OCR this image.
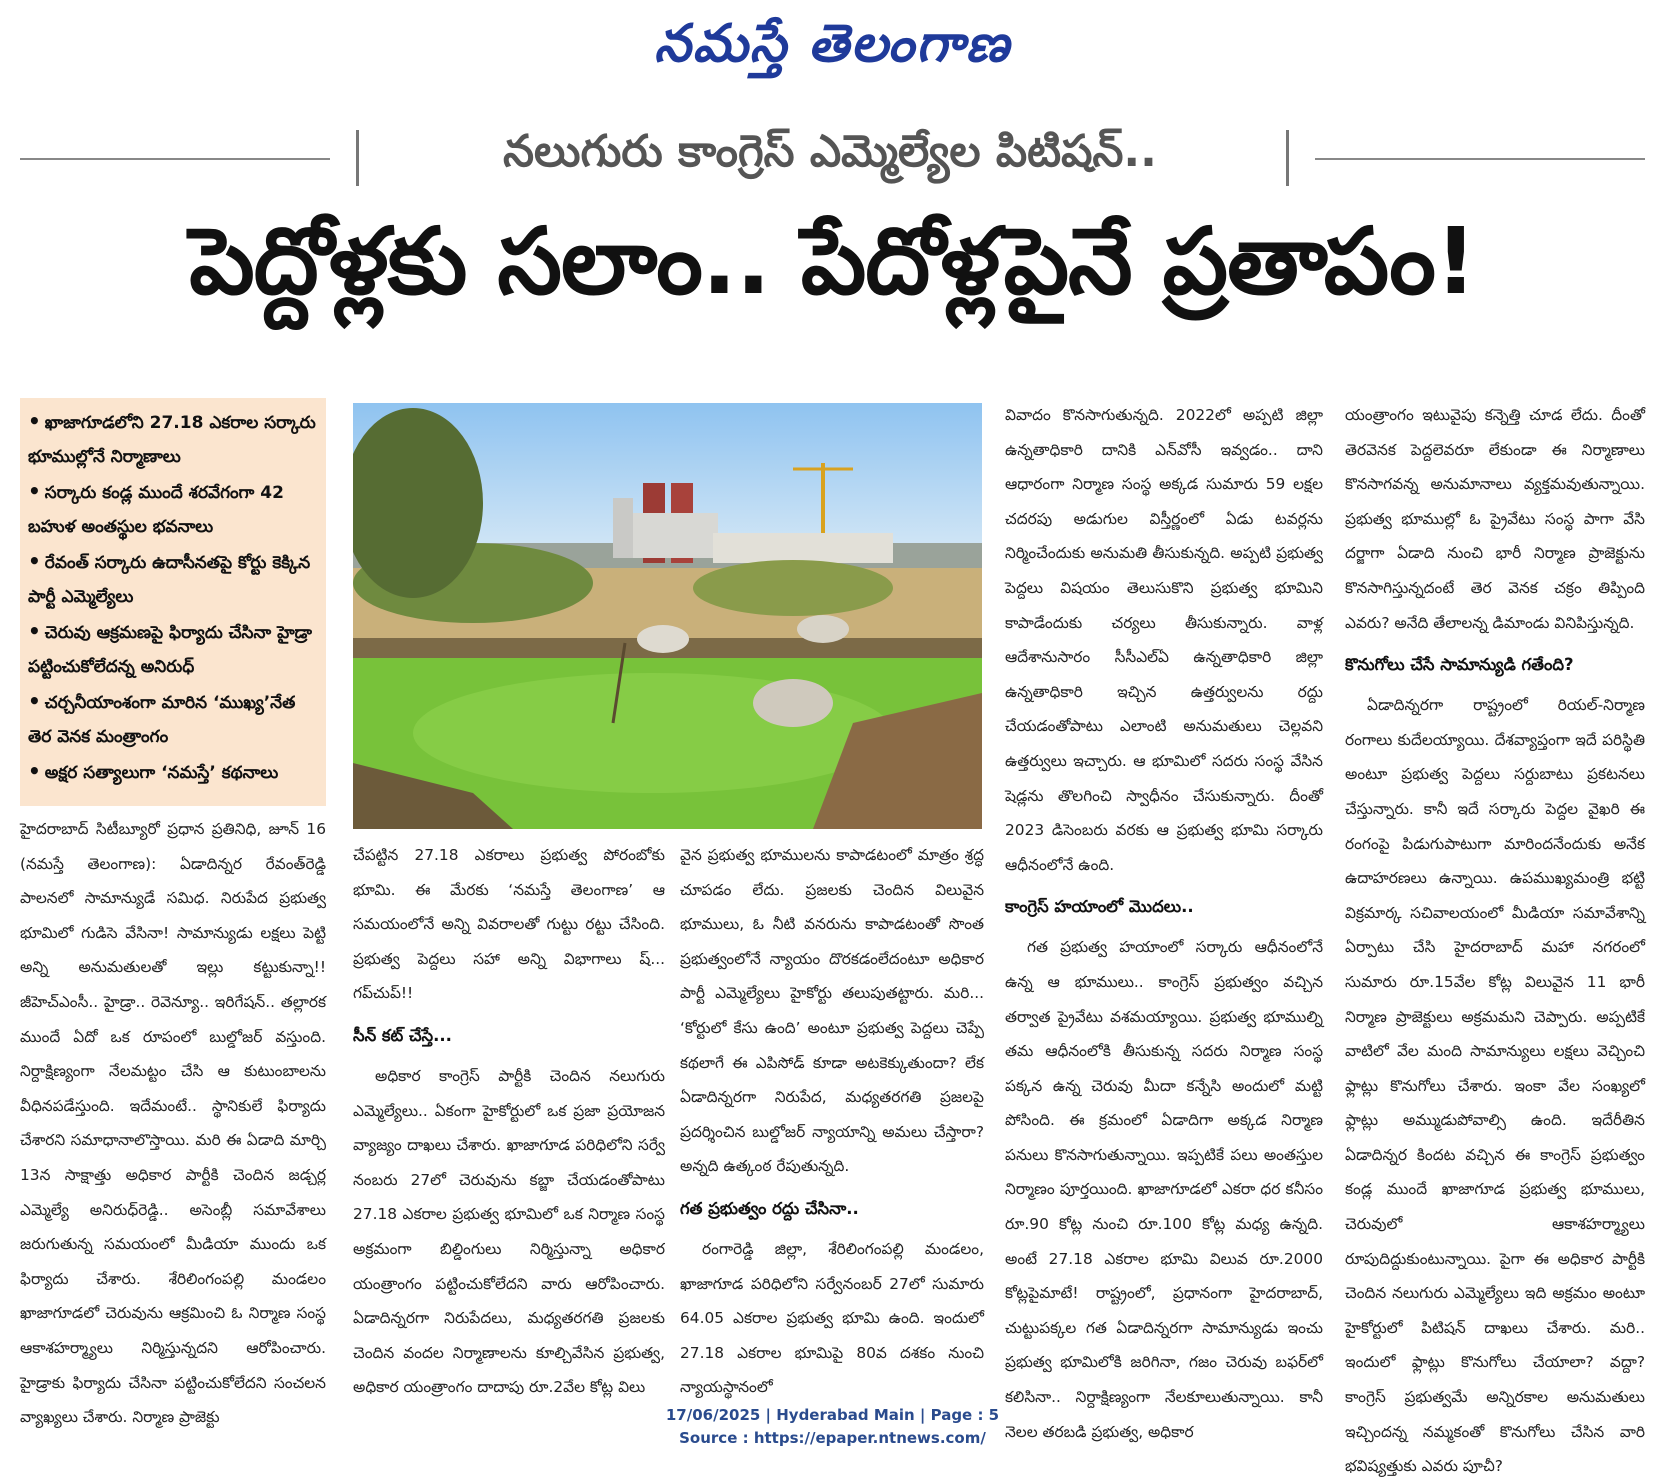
నమస్తే తెలంగాణ
నలుగురు కాంగ్రెస్ ఎమ్మెల్యేల పిటిషన్..
పెద్దోళ్లకు సలాం.. పేదోళ్లపైనే ప్రతాపం!
• ఖాజాగూడలోని 27.18 ఎకరాల సర్కారు భూముల్లోనే నిర్మాణాలు
• సర్కారు కండ్ల ముందే శరవేగంగా 42 బహుళ అంతస్థుల భవనాలు
• రేవంత్ సర్కారు ఉదాసీనతపై కోర్టు కెక్కిన పార్టీ ఎమ్మెల్యేలు
• చెరువు ఆక్రమణపై ఫిర్యాదు చేసినా హైడ్రా పట్టించుకోలేదన్న అనిరుధ్
• చర్చనీయాంశంగా మారిన ‘ముఖ్య’నేత తెర వెనక మంత్రాంగం
• అక్షర సత్యాలుగా ‘నమస్తే’ కథనాలు

హైదరాబాద్ సిటీబ్యూరో ప్రధాన ప్రతినిధి, జూన్ 16 (నమస్తే తెలంగాణ): ఏడాదిన్నర రేవంత్‌రెడ్డి పాలనలో సామాన్యుడే సమిధ. నిరుపేద ప్రభుత్వ భూమిలో గుడిసె వేసినా! సామాన్యుడు లక్షలు పెట్టి అన్ని అనుమతులతో ఇల్లు కట్టుకున్నా!! జీహెచ్‌ఎంసీ.. హైడ్రా.. రెవెన్యూ.. ఇరిగేషన్.. తల్లారక ముందే ఏదో ఒక రూపంలో బుల్డోజర్ వస్తుంది. నిర్దాక్షిణ్యంగా నేలమట్టం చేసి ఆ కుటుంబాలను వీధినపడేస్తుంది. ఇదేమంటే.. స్థానికులే ఫిర్యాదు చేశారని సమాధానాలొస్తాయి. మరి ఈ ఏడాది మార్చి 13న సాక్షాత్తు అధికార పార్టీకి చెందిన జడ్చర్ల ఎమ్మెల్యే అనిరుధ్‌రెడ్డి.. అసెంబ్లీ సమావేశాలు జరుగుతున్న సమయంలో మీడియా ముందు ఒక ఫిర్యాదు చేశారు. శేరిలింగంపల్లి మండలం ఖాజాగూడలో చెరువును ఆక్రమించి ఓ నిర్మాణ సంస్థ ఆకాశహర్మ్యాలు నిర్మిస్తున్నదని ఆరోపించారు. హైడ్రాకు ఫిర్యాదు చేసినా పట్టించుకోలేదని సంచలన వ్యాఖ్యలు చేశారు. నిర్మాణ ప్రాజెక్టు

చేపట్టిన 27.18 ఎకరాలు ప్రభుత్వ పోరంబోకు భూమి. ఈ మేరకు ‘నమస్తే తెలంగాణ’ ఆ సమయంలోనే అన్ని వివరాలతో గుట్టు రట్టు చేసింది. ప్రభుత్వ పెద్దలు సహా అన్ని విభాగాలు ష్... గప్‌చుప్!!

సీన్ కట్ చేస్తే...

అధికార కాంగ్రెస్ పార్టీకి చెందిన నలుగురు ఎమ్మెల్యేలు.. ఏకంగా హైకోర్టులో ఒక ప్రజా ప్రయోజన వ్యాజ్యం దాఖలు చేశారు. ఖాజాగూడ పరిధిలోని సర్వే నంబరు 27లో చెరువును కబ్జా చేయడంతోపాటు 27.18 ఎకరాల ప్రభుత్వ భూమిలో ఒక నిర్మాణ సంస్థ అక్రమంగా బిల్డింగులు నిర్మిస్తున్నా అధికార యంత్రాంగం పట్టించుకోలేదని వారు ఆరోపించారు. ఏడాదిన్నరగా నిరుపేదలు, మధ్యతరగతి ప్రజలకు చెందిన వందల నిర్మాణాలను కూల్చివేసిన ప్రభుత్వ, అధికార యంత్రాంగం దాదాపు రూ.2వేల కోట్ల విలు

వైన ప్రభుత్వ భూములను కాపాడటంలో మాత్రం శ్రద్ధ చూపడం లేదు. ప్రజలకు చెందిన విలువైన భూములు, ఓ నీటి వనరును కాపాడటంతో సొంత ప్రభుత్వంలోనే న్యాయం దొరకడంలేదంటూ అధికార పార్టీ ఎమ్మెల్యేలు హైకోర్టు తలుపుతట్టారు. మరి... ‘కోర్టులో కేసు ఉంది’ అంటూ ప్రభుత్వ పెద్దలు చెప్పే కథలాగే ఈ ఎపిసోడ్ కూడా అటకెక్కుతుందా? లేక ఏడాదిన్నరగా నిరుపేద, మధ్యతరగతి ప్రజలపై ప్రదర్శించిన బుల్డోజర్ న్యాయాన్ని అమలు చేస్తారా? అన్నది ఉత్కంఠ రేపుతున్నది.

గత ప్రభుత్వం రద్దు చేసినా..

రంగారెడ్డి జిల్లా, శేరిలింగంపల్లి మండలం, ఖాజాగూడ పరిధిలోని సర్వేనంబర్ 27లో సుమారు 64.05 ఎకరాల ప్రభుత్వ భూమి ఉంది. ఇందులో 27.18 ఎకరాల భూమిపై 80వ దశకం నుంచి న్యాయస్థానంలో

వివాదం కొనసాగుతున్నది. 2022లో అప్పటి జిల్లా ఉన్నతాధికారి దానికి ఎన్‌వోసీ ఇవ్వడం.. దాని ఆధారంగా నిర్మాణ సంస్థ అక్కడ సుమారు 59 లక్షల చదరపు అడుగుల విస్తీర్ణంలో ఏడు టవర్లను నిర్మించేందుకు అనుమతి తీసుకున్నది. అప్పటి ప్రభుత్వ పెద్దలు విషయం తెలుసుకొని ప్రభుత్వ భూమిని కాపాడేందుకు చర్యలు తీసుకున్నారు. వాళ్ల ఆదేశానుసారం సీసీఎల్ఏ ఉన్నతాధికారి జిల్లా ఉన్నతాధికారి ఇచ్చిన ఉత్తర్వులను రద్దు చేయడంతోపాటు ఎలాంటి అనుమతులు చెల్లవని ఉత్తర్వులు ఇచ్చారు. ఆ భూమిలో సదరు సంస్థ వేసిన షెడ్లను తొలగించి స్వాధీనం చేసుకున్నారు. దీంతో 2023 డిసెంబరు వరకు ఆ ప్రభుత్వ భూమి సర్కారు ఆధీనంలోనే ఉంది.

కాంగ్రెస్ హయాంలో మొదలు..

గత ప్రభుత్వ హయాంలో సర్కారు ఆధీనంలోనే ఉన్న ఆ భూములు.. కాంగ్రెస్ ప్రభుత్వం వచ్చిన తర్వాత ప్రైవేటు వశమయ్యాయి. ప్రభుత్వ భూముల్ని తమ ఆధీనంలోకి తీసుకున్న సదరు నిర్మాణ సంస్థ పక్కన ఉన్న చెరువు మీదా కన్నేసి అందులో మట్టి పోసింది. ఈ క్రమంలో ఏడాదిగా అక్కడ నిర్మాణ పనులు కొనసాగుతున్నాయి. ఇప్పటికే పలు అంతస్తుల నిర్మాణం పూర్తయింది. ఖాజాగూడలో ఎకరా ధర కనీసం రూ.90 కోట్ల నుంచి రూ.100 కోట్ల మధ్య ఉన్నది. అంటే 27.18 ఎకరాల భూమి విలువ రూ.2000 కోట్లపైమాటే! రాష్ట్రంలో, ప్రధానంగా హైదరాబాద్, చుట్టుపక్కల గత ఏడాదిన్నరగా సామాన్యుడు ఇంచు ప్రభుత్వ భూమిలోకి జరిగినా, గజం చెరువు బఫర్‌లో కలిసినా.. నిర్దాక్షిణ్యంగా నేలకూలుతున్నాయి. కానీ నెలల తరబడి ప్రభుత్వ, అధికార

యంత్రాంగం ఇటువైపు కన్నెత్తి చూడ లేదు. దీంతో తెరవెనక పెద్దలెవరూ లేకుండా ఈ నిర్మాణాలు కొనసాగవన్న అనుమానాలు వ్యక్తమవుతున్నాయి. ప్రభుత్వ భూముల్లో ఓ ప్రైవేటు సంస్థ పాగా వేసి దర్జాగా ఏడాది నుంచి భారీ నిర్మాణ ప్రాజెక్టును కొనసాగిస్తున్నదంటే తెర వెనక చక్రం తిప్పింది ఎవరు? అనేది తేలాలన్న డిమాండు వినిపిస్తున్నది.

కొనుగోలు చేసే సామాన్యుడి గతేంది?

ఏడాదిన్నరగా రాష్ట్రంలో రియల్-నిర్మాణ రంగాలు కుదేలయ్యాయి. దేశవ్యాప్తంగా ఇదే పరిస్థితి అంటూ ప్రభుత్వ పెద్దలు సర్దుబాటు ప్రకటనలు చేస్తున్నారు. కానీ ఇదే సర్కారు పెద్దల వైఖరి ఈ రంగంపై పిడుగుపాటుగా మారిందనేందుకు అనేక ఉదాహరణలు ఉన్నాయి. ఉపముఖ్యమంత్రి భట్టి విక్రమార్క సచివాలయంలో మీడియా సమావేశాన్ని ఏర్పాటు చేసి హైదరాబాద్ మహా నగరంలో సుమారు రూ.15వేల కోట్ల విలువైన 11 భారీ నిర్మాణ ప్రాజెక్టులు అక్రమమని చెప్పారు. అప్పటికే వాటిలో వేల మంది సామాన్యులు లక్షలు వెచ్చించి ఫ్లాట్లు కొనుగోలు చేశారు. ఇంకా వేల సంఖ్యలో ఫ్లాట్లు అమ్ముడుపోవాల్సి ఉంది. ఇదేరీతిన ఏడాదిన్నర కిందట వచ్చిన ఈ కాంగ్రెస్ ప్రభుత్వం కండ్ల ముందే ఖాజాగూడ ప్రభుత్వ భూములు, చెరువులో ఆకాశహర్మ్యాలు రూపుదిద్దుకుంటున్నాయి. పైగా ఈ అధికార పార్టీకి చెందిన నలుగురు ఎమ్మెల్యేలు ఇది అక్రమం అంటూ హైకోర్టులో పిటిషన్ దాఖలు చేశారు. మరి.. ఇందులో ఫ్లాట్లు కొనుగోలు చేయాలా? వద్దా? కాంగ్రెస్ ప్రభుత్వమే అన్నిరకాల అనుమతులు ఇచ్చిందన్న నమ్మకంతో కొనుగోలు చేసిన వారి భవిష్యత్తుకు ఎవరు పూచీ?

17/06/2025 | Hyderabad Main | Page : 5
Source : https://epaper.ntnews.com/
